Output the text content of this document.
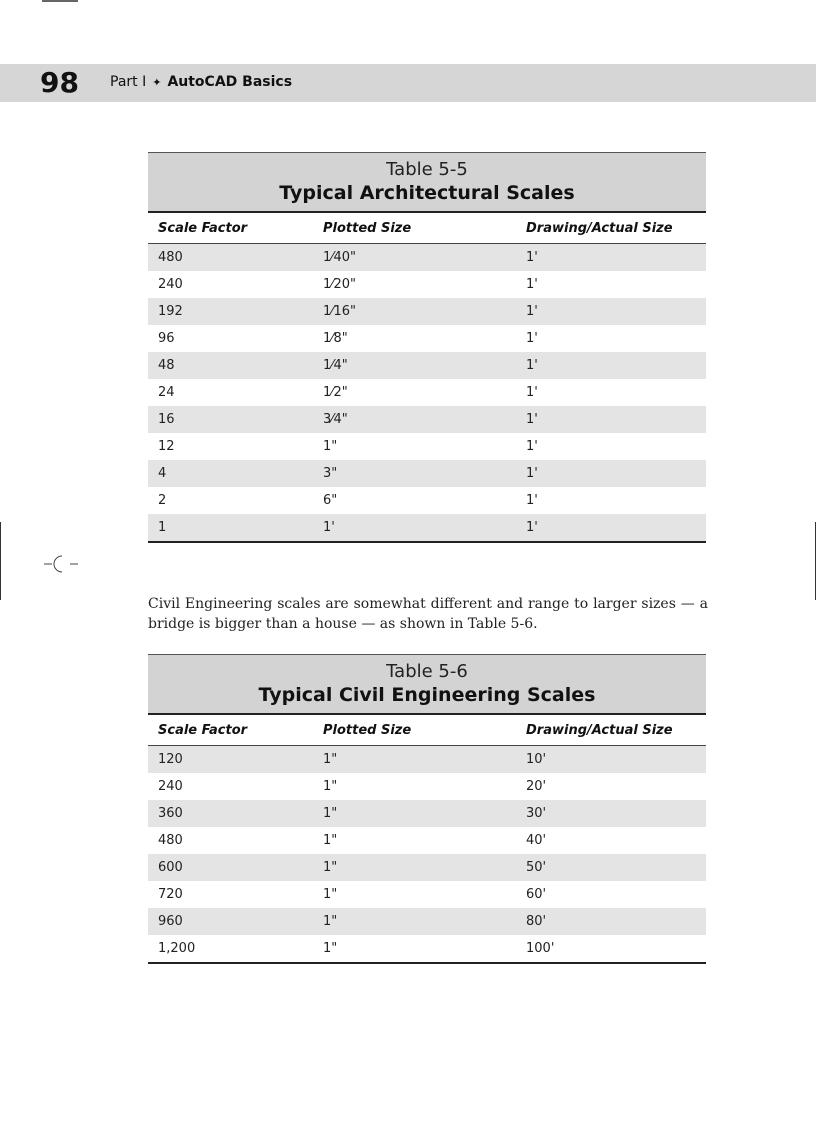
98 Part I ✦ AutoCAD Basics
Table 5-5
Typical Architectural Scales
Scale Factor	Plotted Size	Drawing/Actual Size
480	1⁄40"	1'
240	1⁄20"	1'
192	1⁄16"	1'
96	1⁄8"	1'
48	1⁄4"	1'
24	1⁄2"	1'
16	3⁄4"	1'
12	1"	1'
4	3"	1'
2	6"	1'
1	1'	1'

Civil Engineering scales are somewhat different and range to larger sizes — a bridge is bigger than a house — as shown in Table 5-6.

Table 5-6
Typical Civil Engineering Scales
Scale Factor	Plotted Size	Drawing/Actual Size
120	1"	10'
240	1"	20'
360	1"	30'
480	1"	40'
600	1"	50'
720	1"	60'
960	1"	80'
1,200	1"	100'
